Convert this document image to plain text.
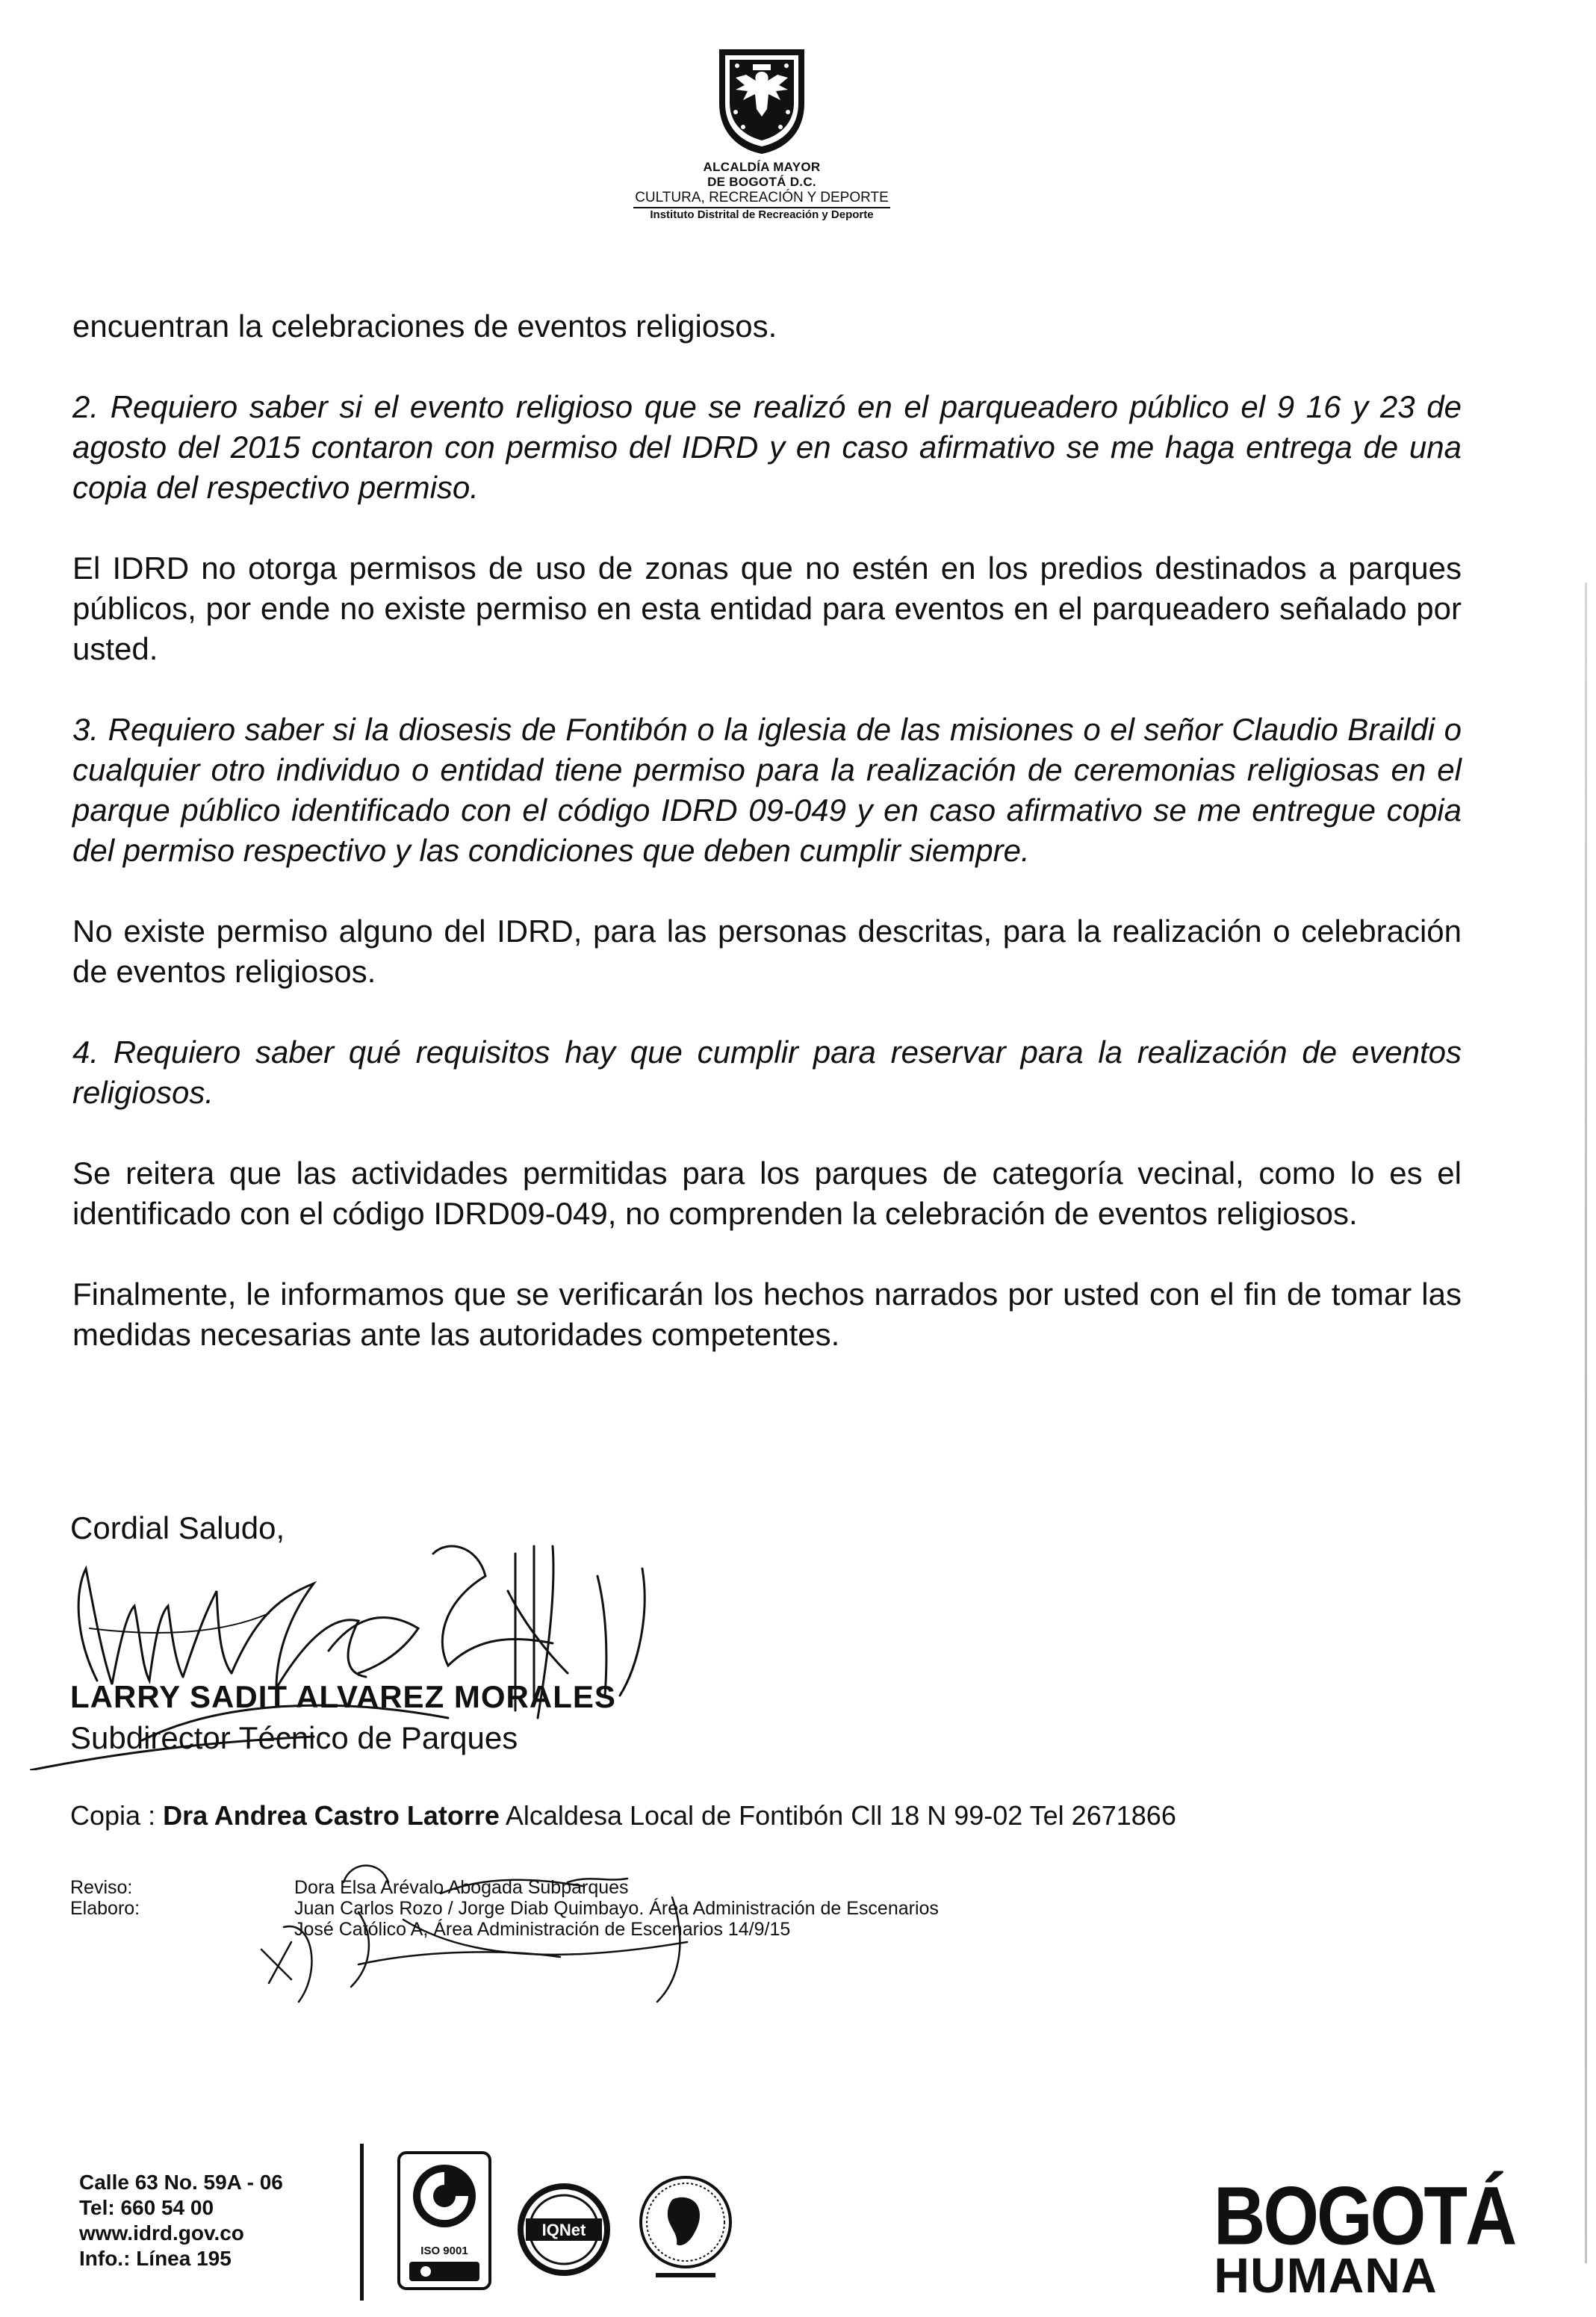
ALCALDÍA MAYOR
DE BOGOTÁ D.C.
CULTURA, RECREACIÓN Y DEPORTE
Instituto Distrital de Recreación y Deporte

encuentran la celebraciones de eventos religiosos.

2. Requiero saber si el evento religioso que se realizó en el parqueadero público el 9 16 y 23 de agosto del 2015 contaron con permiso del IDRD y en caso afirmativo se me haga entrega de una copia del respectivo permiso.

El IDRD no otorga permisos de uso de zonas que no estén en los predios destinados a parques públicos, por ende no existe permiso en esta entidad para eventos en el parqueadero señalado por usted.

3. Requiero saber si la diosesis de Fontibón o la iglesia de las misiones o el señor Claudio Braildi o cualquier otro individuo o entidad tiene permiso para la realización de ceremonias religiosas en el parque público identificado con el código IDRD 09-049 y en caso afirmativo se me entregue copia del permiso respectivo y las condiciones que deben cumplir siempre.

No existe permiso alguno del IDRD, para las personas descritas, para la realización o celebración de eventos religiosos.

4. Requiero saber qué requisitos hay que cumplir para reservar para la realización de eventos religiosos.

Se reitera que las actividades permitidas para los parques de categoría vecinal, como lo es el identificado con el código IDRD09-049, no comprenden la celebración de eventos religiosos.

Finalmente, le informamos que se verificarán los hechos narrados por usted con el fin de tomar las medidas necesarias ante las autoridades competentes.

Cordial Saludo,
LARRY SADIT ALVAREZ MORALES
Subdirector Técnico de Parques
Copia : Dra Andrea Castro Latorre Alcaldesa Local de Fontibón Cll 18 N 99-02 Tel 2671866
Reviso:	Dora Elsa Arévalo Abogada Subparques
Elaboro:	Juan Carlos Rozo / Jorge Diab Quimbayo. Área Administración de Escenarios
José Católico A, Área Administración de Escenarios 14/9/15
Calle 63 No. 59A - 06
Tel: 660 54 00
www.idrd.gov.co
Info.: Línea 195	ISO 9001
IQNet	BOGOTÁ
HUMANA
